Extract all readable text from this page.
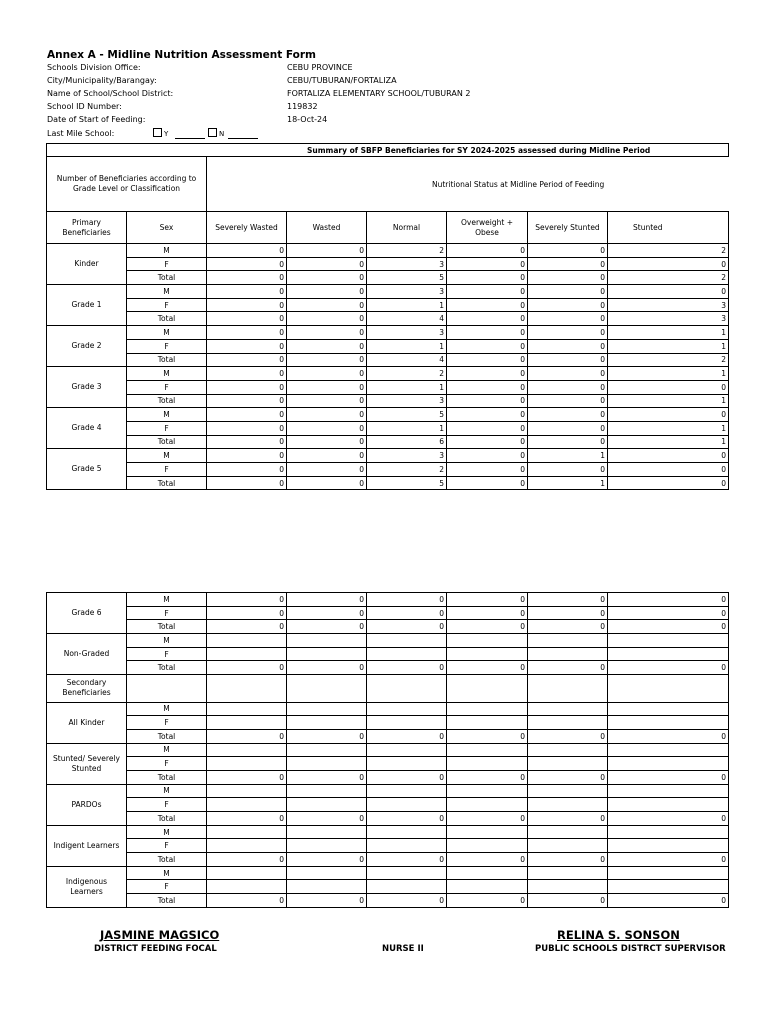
Annex A - Midline Nutrition Assessment Form
Schools Division Office:	CEBU PROVINCE
City/Municipality/Barangay:	CEBU/TUBURAN/FORTALIZA
Name of School/School District:	FORTALIZA ELEMENTARY SCHOOL/TUBURAN 2
School ID Number:	119832
Date of Start of Feeding:	18-Oct-24
Last Mile School:	Y	N
Summary of SBFP Beneficiaries for SY 2024-2025 assessed during Midline Period							
Number of Beneficiaries according to Grade Level or Classification		Nutritional Status at Midline Period of Feeding					
Primary Beneficiaries	Sex	Severely Wasted	Wasted	Normal	Overweight + Obese	Severely Stunted	Stunted
Kinder	M	0	0	2	0	0	2
	F	0	0	3	0	0	0
	Total	0	0	5	0	0	2
Grade 1	M	0	0	3	0	0	0
	F	0	0	1	0	0	3
	Total	0	0	4	0	0	3
Grade 2	M	0	0	3	0	0	1
	F	0	0	1	0	0	1
	Total	0	0	4	0	0	2
Grade 3	M	0	0	2	0	0	1
	F	0	0	1	0	0	0
	Total	0	0	3	0	0	1
Grade 4	M	0	0	5	0	0	0
	F	0	0	1	0	0	1
	Total	0	0	6	0	0	1
Grade 5	M	0	0	3	0	1	0
	F	0	0	2	0	0	0
	Total	0	0	5	0	1	0
Grade 6	M	0	0	0	0	0	0
	F	0	0	0	0	0	0
	Total	0	0	0	0	0	0
Non-Graded	M						
	F						
	Total	0	0	0	0	0	0
Secondary Beneficiaries							
All Kinder	M						
	F						
	Total	0	0	0	0	0	0
Stunted/ Severely Stunted	M						
	F						
	Total	0	0	0	0	0	0
PARDOs	M						
	F						
	Total	0	0	0	0	0	0
Indigent Learners	M						
	F						
	Total	0	0	0	0	0	0
Indigenous Learners	M						
	F						
	Total	0	0	0	0	0	0
JASMINE MAGSICO
DISTRICT FEEDING FOCAL	NURSE II
RELINA S. SONSON
PUBLIC SCHOOLS DISTRCT SUPERVISOR
